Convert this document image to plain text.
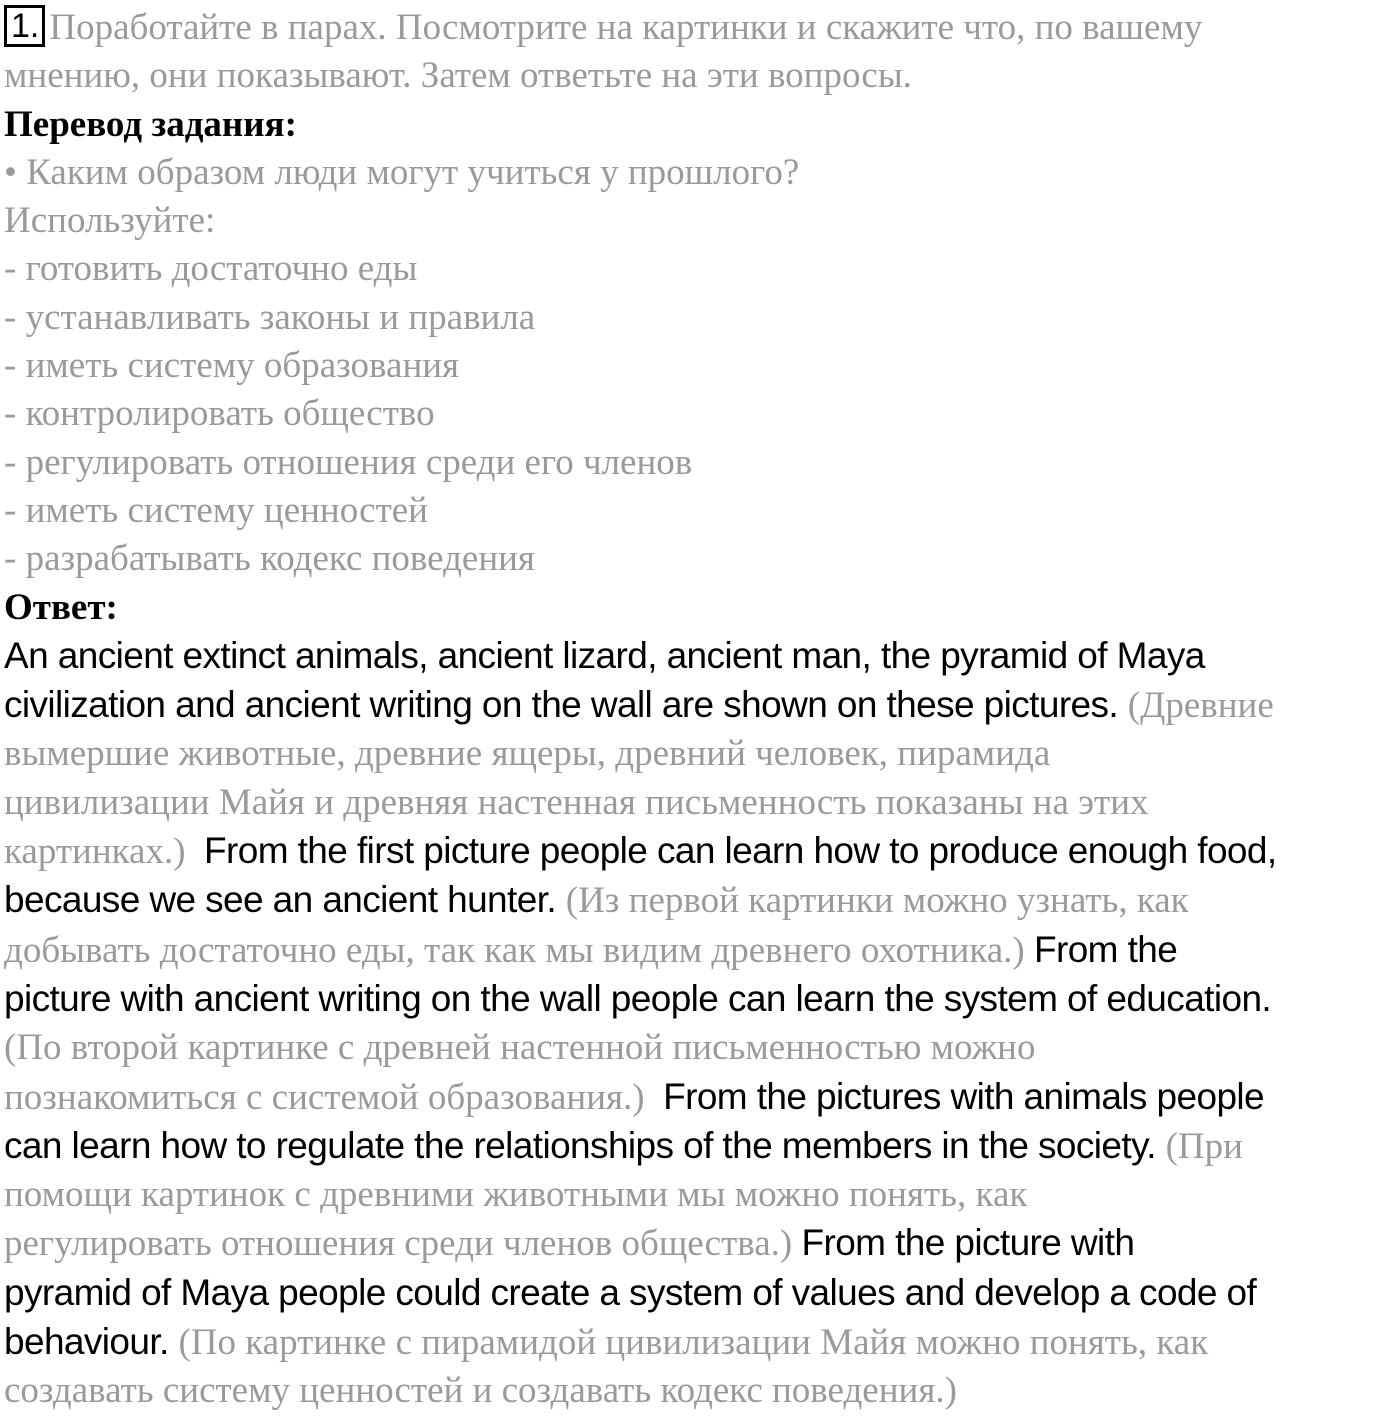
1. Поработайте в парах. Посмотрите на картинки и скажите что, по вашему
мнению, они показывают. Затем ответьте на эти вопросы.
Перевод задания:
• Каким образом люди могут учиться у прошлого?
Используйте:
- готовить достаточно еды
- устанавливать законы и правила
- иметь систему образования
- контролировать общество
- регулировать отношения среди его членов
- иметь систему ценностей
- разрабатывать кодекс поведения
Ответ:
An ancient extinct animals, ancient lizard, ancient man, the pyramid of Maya
civilization and ancient writing on the wall are shown on these pictures. (Древние
вымершие животные, древние ящеры, древний человек, пирамида
цивилизации Майя и древняя настенная письменность показаны на этих
картинках.)  From the first picture people can learn how to produce enough food,
because we see an ancient hunter. (Из первой картинки можно узнать, как
добывать достаточно еды, так как мы видим древнего охотника.) From the
picture with ancient writing on the wall people can learn the system of education.
(По второй картинке с древней настенной письменностью можно
познакомиться с системой образования.)  From the pictures with animals people
can learn how to regulate the relationships of the members in the society. (При
помощи картинок с древними животными мы можно понять, как
регулировать отношения среди членов общества.) From the picture with
pyramid of Maya people could create a system of values and develop a code of
behaviour. (По картинке с пирамидой цивилизации Майя можно понять, как
создавать систему ценностей и создавать кодекс поведения.)
